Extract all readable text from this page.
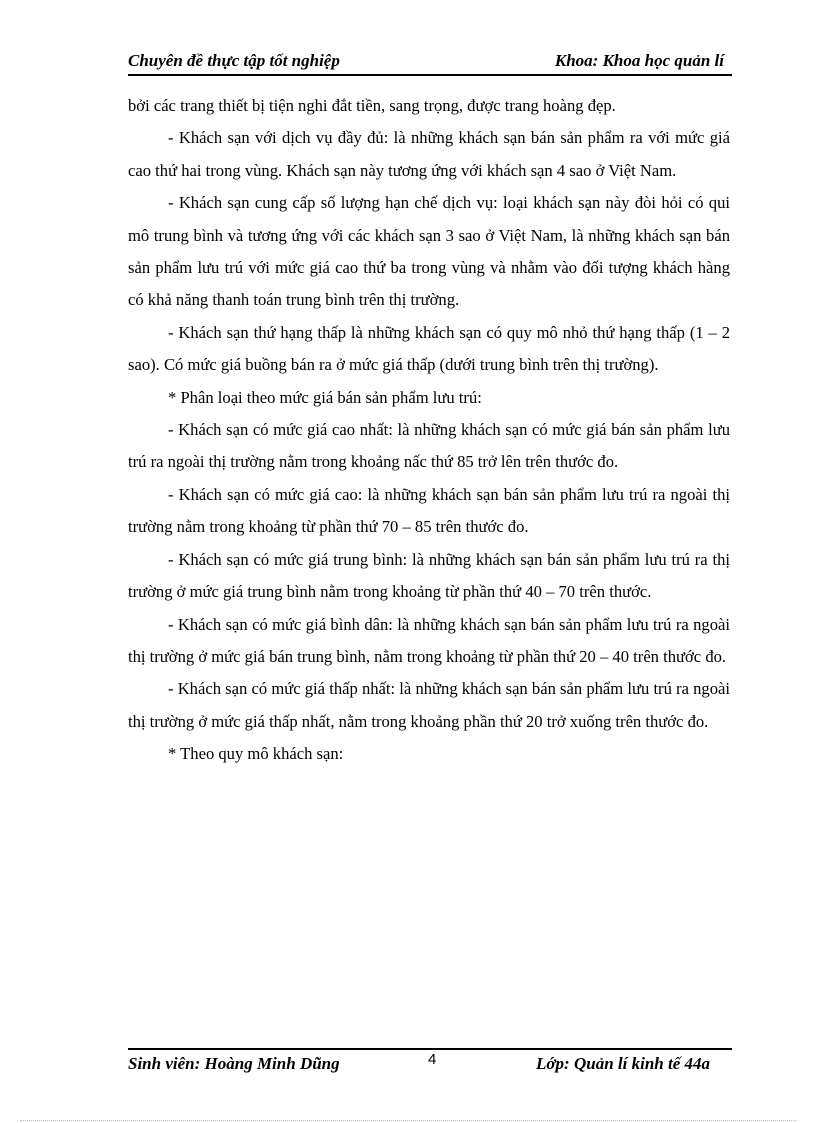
Chuyên đề thực tập tốt nghiệp	Khoa: Khoa học quản lí

bởi các trang thiết bị tiện nghi đắt tiền, sang trọng, được trang hoàng đẹp.

- Khách sạn với dịch vụ đầy đủ: là những khách sạn bán sản phẩm ra với mức giá cao thứ hai trong vùng. Khách sạn này tương ứng với khách sạn 4 sao ở Việt Nam.

- Khách sạn cung cấp số lượng hạn chế dịch vụ: loại khách sạn này đòi hỏi có qui mô trung bình và tương ứng với các khách sạn 3 sao ở Việt Nam, là những khách sạn bán sản phẩm lưu trú với mức giá cao thứ ba trong vùng và nhằm vào đối tượng khách hàng có khả năng thanh toán trung bình trên thị trường.

- Khách sạn thứ hạng thấp là những khách sạn có quy mô nhỏ thứ hạng thấp (1 – 2 sao). Có mức giá buồng bán ra ở mức giá thấp (dưới trung bình trên thị trường).

* Phân loại theo mức giá bán sản phẩm lưu trú:

- Khách sạn có mức giá cao nhất: là những khách sạn có mức giá bán sản phẩm lưu trú ra ngoài thị trường nằm trong khoảng nấc thứ 85 trở lên trên thước đo.

- Khách sạn có mức giá cao: là những khách sạn bán sản phẩm lưu trú ra ngoài thị trường nằm trong khoảng từ phần thứ 70 – 85 trên thước đo.

- Khách sạn có mức giá trung bình: là những khách sạn bán sản phẩm lưu trú ra thị trường ở mức giá trung bình nằm trong khoảng từ phần thứ 40 – 70 trên thước.

- Khách sạn có mức giá bình dân: là những khách sạn bán sản phẩm lưu trú ra ngoài thị trường ở mức giá bán trung bình, nằm trong khoảng từ phần thứ 20 – 40 trên thước đo.

- Khách sạn có mức giá thấp nhất: là những khách sạn bán sản phẩm lưu trú ra ngoài thị trường ở mức giá thấp nhất, nằm trong khoảng phần thứ 20 trở xuống trên thước đo.

* Theo quy mô khách sạn:

Sinh viên: Hoàng Minh Dũng	4	Lớp: Quản lí kinh tế 44a
